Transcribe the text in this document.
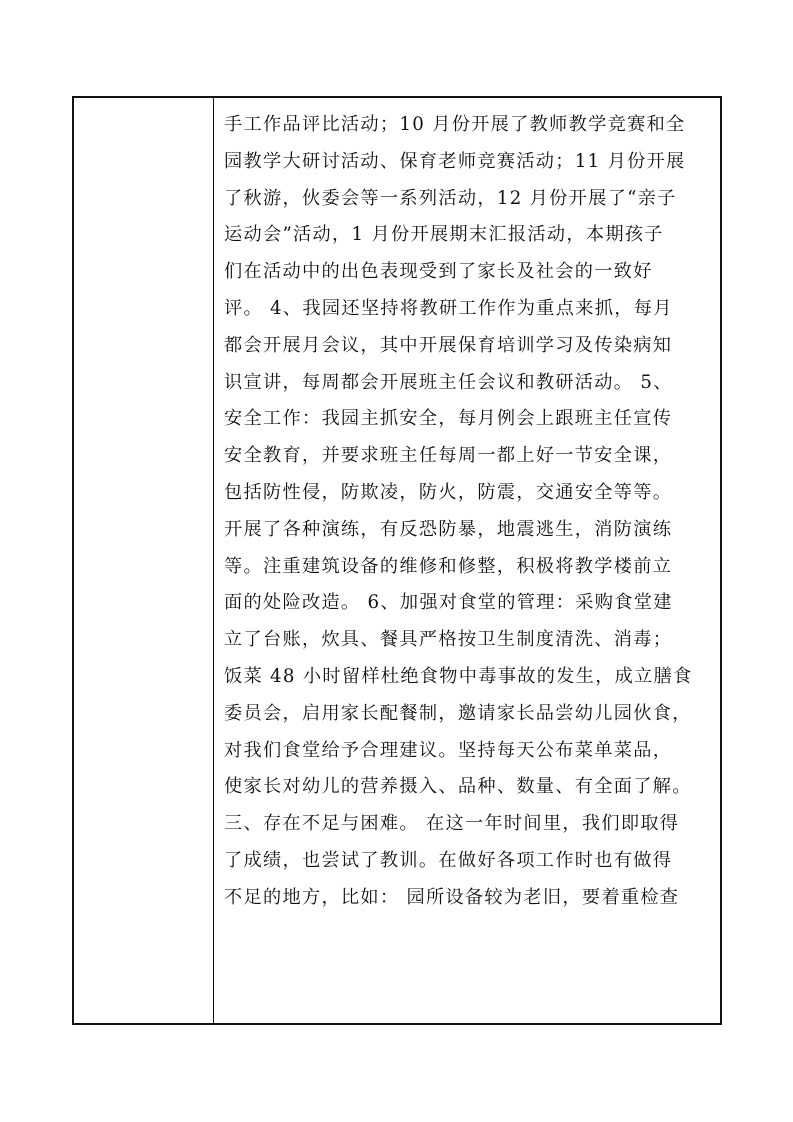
手工作品评比活动；10 月份开展了教师教学竞赛和全
园教学大研讨活动、保育老师竞赛活动；11 月份开展
了秋游，伙委会等一系列活动，12 月份开展了“亲子
运动会”活动，1 月份开展期末汇报活动，本期孩子
们在活动中的出色表现受到了家长及社会的一致好
评。 4、我园还坚持将教研工作作为重点来抓，每月
都会开展月会议，其中开展保育培训学习及传染病知
识宣讲，每周都会开展班主任会议和教研活动。 5、
安全工作：我园主抓安全，每月例会上跟班主任宣传
安全教育，并要求班主任每周一都上好一节安全课，
包括防性侵，防欺凌，防火，防震，交通安全等等。
开展了各种演练，有反恐防暴，地震逃生，消防演练
等。注重建筑设备的维修和修整，积极将教学楼前立
面的处险改造。 6、加强对食堂的管理：采购食堂建
立了台账，炊具、餐具严格按卫生制度清洗、消毒；
饭菜 48 小时留样杜绝食物中毒事故的发生，成立膳食
委员会，启用家长配餐制，邀请家长品尝幼儿园伙食，
对我们食堂给予合理建议。坚持每天公布菜单菜品，
使家长对幼儿的营养摄入、品种、数量、有全面了解。
三、存在不足与困难。 在这一年时间里，我们即取得
了成绩，也尝试了教训。在做好各项工作时也有做得
不足的地方，比如： 园所设备较为老旧，要着重检查
